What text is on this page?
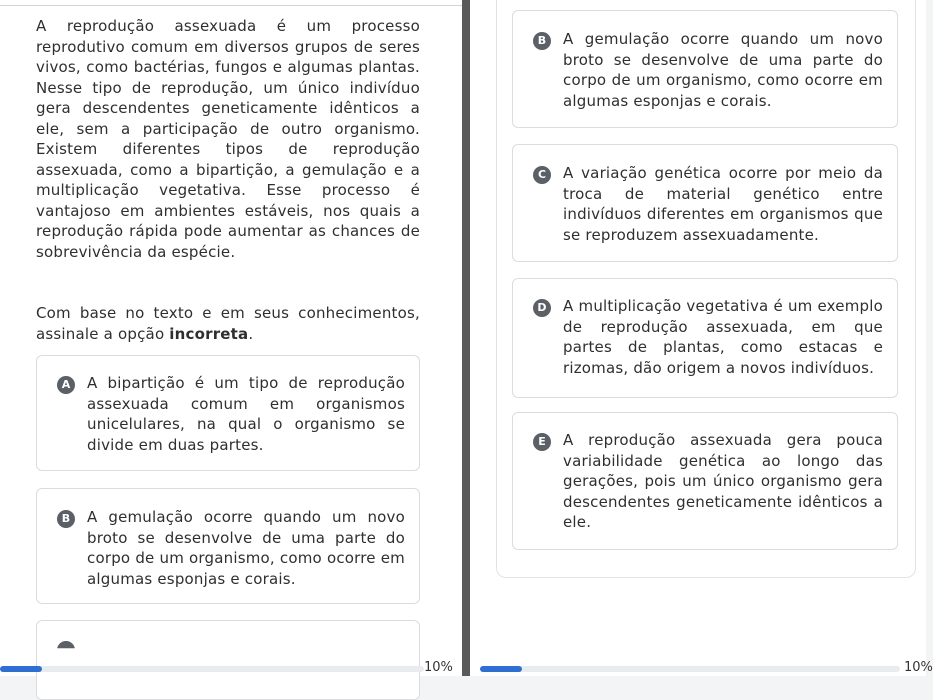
A reprodução assexuada é um processo reprodutivo comum em diversos grupos de seres vivos, como bactérias, fungos e algumas plantas. Nesse tipo de reprodução, um único indivíduo gera descendentes geneticamente idênticos a ele, sem a participação de outro organismo. Existem diferentes tipos de reprodução assexuada, como a bipartição, a gemulação e a multiplicação vegetativa. Esse processo é vantajoso em ambientes estáveis, nos quais a reprodução rápida pode aumentar as chances de sobrevivência da espécie.

Com base no texto e em seus conhecimentos, assinale a opção incorreta.

A	A bipartição é um tipo de reprodução assexuada comum em organismos unicelulares, na qual o organismo se divide em duas partes.

B	A gemulação ocorre quando um novo broto se desenvolve de uma parte do corpo de um organismo, como ocorre em algumas esponjas e corais.

10%
B	A gemulação ocorre quando um novo broto se desenvolve de uma parte do corpo de um organismo, como ocorre em algumas esponjas e corais.

C	A variação genética ocorre por meio da troca de material genético entre indivíduos diferentes em organismos que se reproduzem assexuadamente.

D A multiplicação vegetativa é um exemplo de reprodução assexuada, em que partes de plantas, como estacas e rizomas, dão origem a novos indivíduos.

E	A reprodução assexuada gera pouca variabilidade genética ao longo das gerações, pois um único organismo gera descendentes geneticamente idênticos a ele.

10%
